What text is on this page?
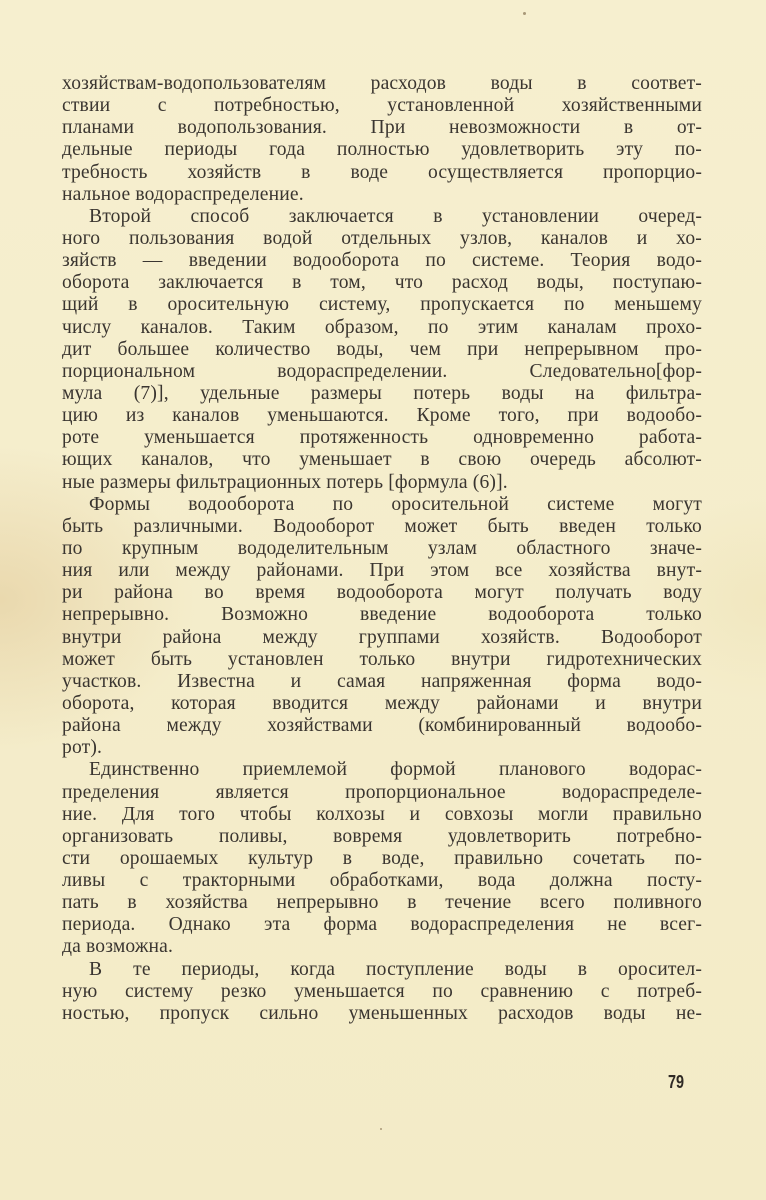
хозяйствам-водопользователям расходов воды в соответ-
ствии с потребностью, установленной хозяйственными
планами водопользования. При невозможности в от-
дельные периоды года полностью удовлетворить эту по-
требность хозяйств в воде осуществляется пропорцио-
нальное водораспределение.
Второй способ заключается в установлении очеред-
ного пользования водой отдельных узлов, каналов и хо-
зяйств — введении водооборота по системе. Теория водо-
оборота заключается в том, что расход воды, поступаю-
щий в оросительную систему, пропускается по меньшему
числу каналов. Таким образом, по этим каналам прохо-
дит большее количество воды, чем при непрерывном про-
порциональном водораспределении. Следовательно[фор-
мула (7)], удельные размеры потерь воды на фильтра-
цию из каналов уменьшаются. Кроме того, при водообо-
роте уменьшается протяженность одновременно работа-
ющих каналов, что уменьшает в свою очередь абсолют-
ные размеры фильтрационных потерь [формула (6)].
Формы водооборота по оросительной системе могут
быть различными. Водооборот может быть введен только
по крупным вододелительным узлам областного значе-
ния или между районами. При этом все хозяйства внут-
ри района во время водооборота могут получать воду
непрерывно. Возможно введение водооборота только
внутри района между группами хозяйств. Водооборот
может быть установлен только внутри гидротехнических
участков. Известна и самая напряженная форма водо-
оборота, которая вводится между районами и внутри
района между хозяйствами (комбинированный водообо-
рот).
Единственно приемлемой формой планового водорас-
пределения является пропорциональное водораспределе-
ние. Для того чтобы колхозы и совхозы могли правильно
организовать поливы, вовремя удовлетворить потребно-
сти орошаемых культур в воде, правильно сочетать по-
ливы с тракторными обработками, вода должна посту-
пать в хозяйства непрерывно в течение всего поливного
периода. Однако эта форма водораспределения не всег-
да возможна.
В те периоды, когда поступление воды в оросител-
ную систему резко уменьшается по сравнению с потреб-
ностью, пропуск сильно уменьшенных расходов воды не-
79
